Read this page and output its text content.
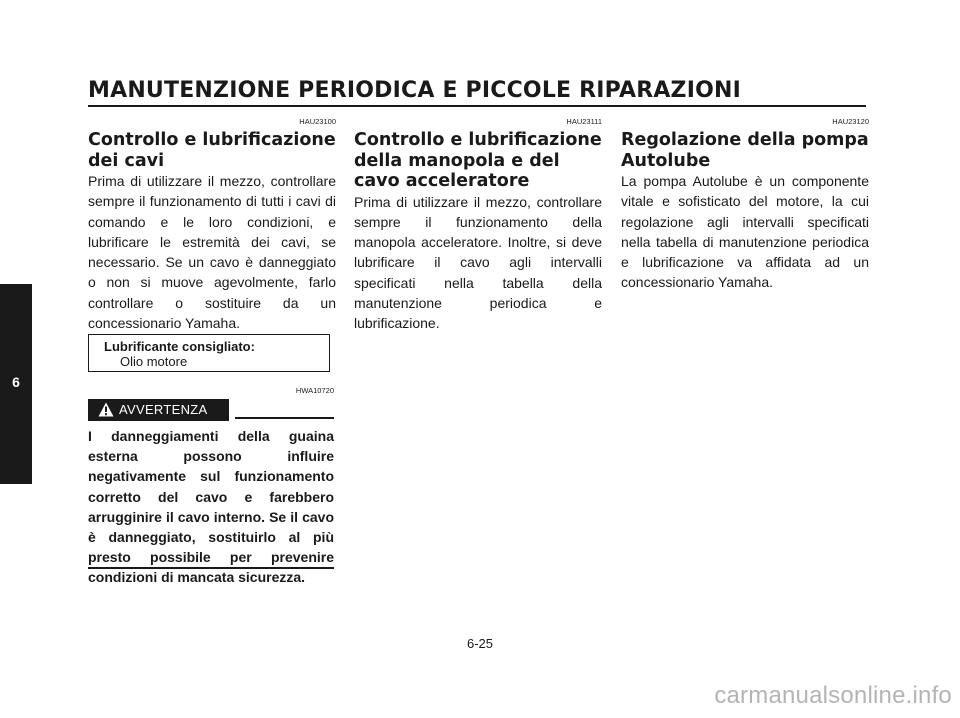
MANUTENZIONE PERIODICA E PICCOLE RIPARAZIONI
6
HAU23100
Controllo e lubrificazione dei cavi

Prima di utilizzare il mezzo, controllare sempre il funzionamento di tutti i cavi di comando e le loro condizioni, e lubrificare le estremità dei cavi, se necessario. Se un cavo è danneggiato o non si muove agevolmente, farlo controllare o sostituire da un concessionario Yamaha.

Lubrificante consigliato:
Olio motore
HWA10720
AVVERTENZA

I danneggiamenti della guaina esterna possono influire negativamente sul funzionamento corretto del cavo e farebbero arrugginire il cavo interno. Se il cavo è danneggiato, sostituirlo al più presto possibile per prevenire condizioni di mancata sicurezza.

HAU23111
Controllo e lubrificazione della manopola e del cavo acceleratore

Prima di utilizzare il mezzo, controllare sempre il funzionamento della manopola acceleratore. Inoltre, si deve lubrificare il cavo agli intervalli specificati nella tabella della manutenzione periodica e lubrificazione.

HAU23120
Regolazione della pompa Autolube

La pompa Autolube è un componente vitale e sofisticato del motore, la cui regolazione agli intervalli specificati nella tabella di manutenzione periodica e lubrificazione va affidata ad un concessionario Yamaha.

6-25
carmanualsonline.info
